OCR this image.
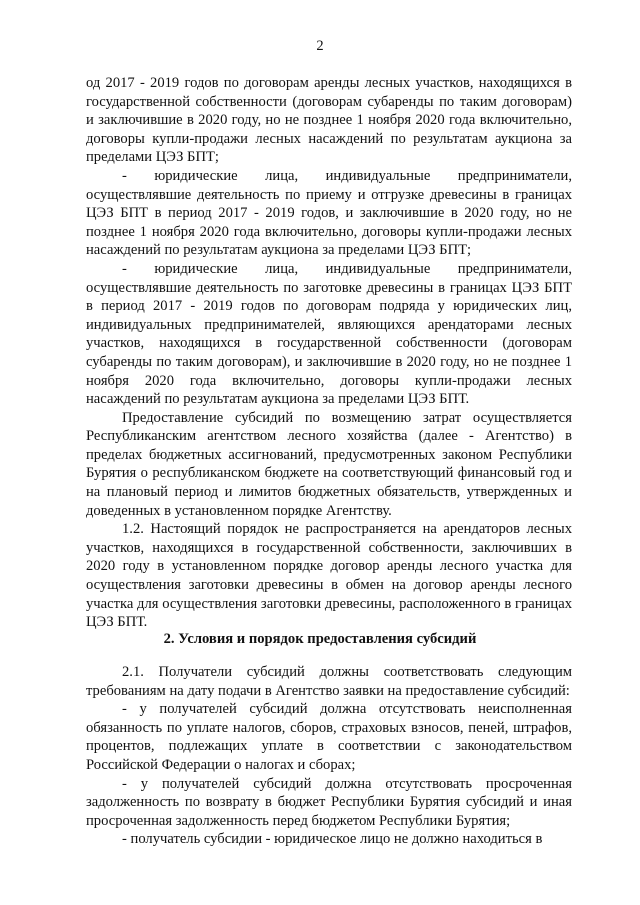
2

од 2017 - 2019 годов по договорам аренды лесных участков, находящихся в государственной собственности (договорам субаренды по таким договорам) и заключившие в 2020 году, но не позднее 1 ноября 2020 года включительно, договоры купли-продажи лесных насаждений по результатам аукциона за пределами ЦЭЗ БПТ;

- юридические лица, индивидуальные предприниматели, осуществлявшие деятельность по приему и отгрузке древесины в границах ЦЭЗ БПТ в период 2017 - 2019 годов, и заключившие в 2020 году, но не позднее 1 ноября 2020 года включительно, договоры купли-продажи лесных насаждений по результатам аукциона за пределами ЦЭЗ БПТ;

- юридические лица, индивидуальные предприниматели, осуществлявшие деятельность по заготовке древесины в границах ЦЭЗ БПТ в период 2017 - 2019 годов по договорам подряда у юридических лиц, индивидуальных предпринимателей, являющихся арендаторами лесных участков, находящихся в государственной собственности (договорам субаренды по таким договорам), и заключившие в 2020 году, но не позднее 1 ноября 2020 года включительно, договоры купли-продажи лесных насаждений по результатам аукциона за пределами ЦЭЗ БПТ.

Предоставление субсидий по возмещению затрат осуществляется Республиканским агентством лесного хозяйства (далее - Агентство) в пределах бюджетных ассигнований, предусмотренных законом Республики Бурятия о республиканском бюджете на соответствующий финансовый год и на плановый период и лимитов бюджетных обязательств, утвержденных и доведенных в установленном порядке Агентству.

1.2. Настоящий порядок не распространяется на арендаторов лесных участков, находящихся в государственной собственности, заключивших в 2020 году в установленном порядке договор аренды лесного участка для осуществления заготовки древесины в обмен на договор аренды лесного участка для осуществления заготовки древесины, расположенного в границах ЦЭЗ БПТ.

2. Условия и порядок предоставления субсидий

2.1. Получатели субсидий должны соответствовать следующим требованиям на дату подачи в Агентство заявки на предоставление субсидий:

- у получателей субсидий должна отсутствовать неисполненная обязанность по уплате налогов, сборов, страховых взносов, пеней, штрафов, процентов, подлежащих уплате в соответствии с законодательством Российской Федерации о налогах и сборах;

- у получателей субсидий должна отсутствовать просроченная задолженность по возврату в бюджет Республики Бурятия субсидий и иная просроченная задолженность перед бюджетом Республики Бурятия;

- получатель субсидии - юридическое лицо не должно находиться в
